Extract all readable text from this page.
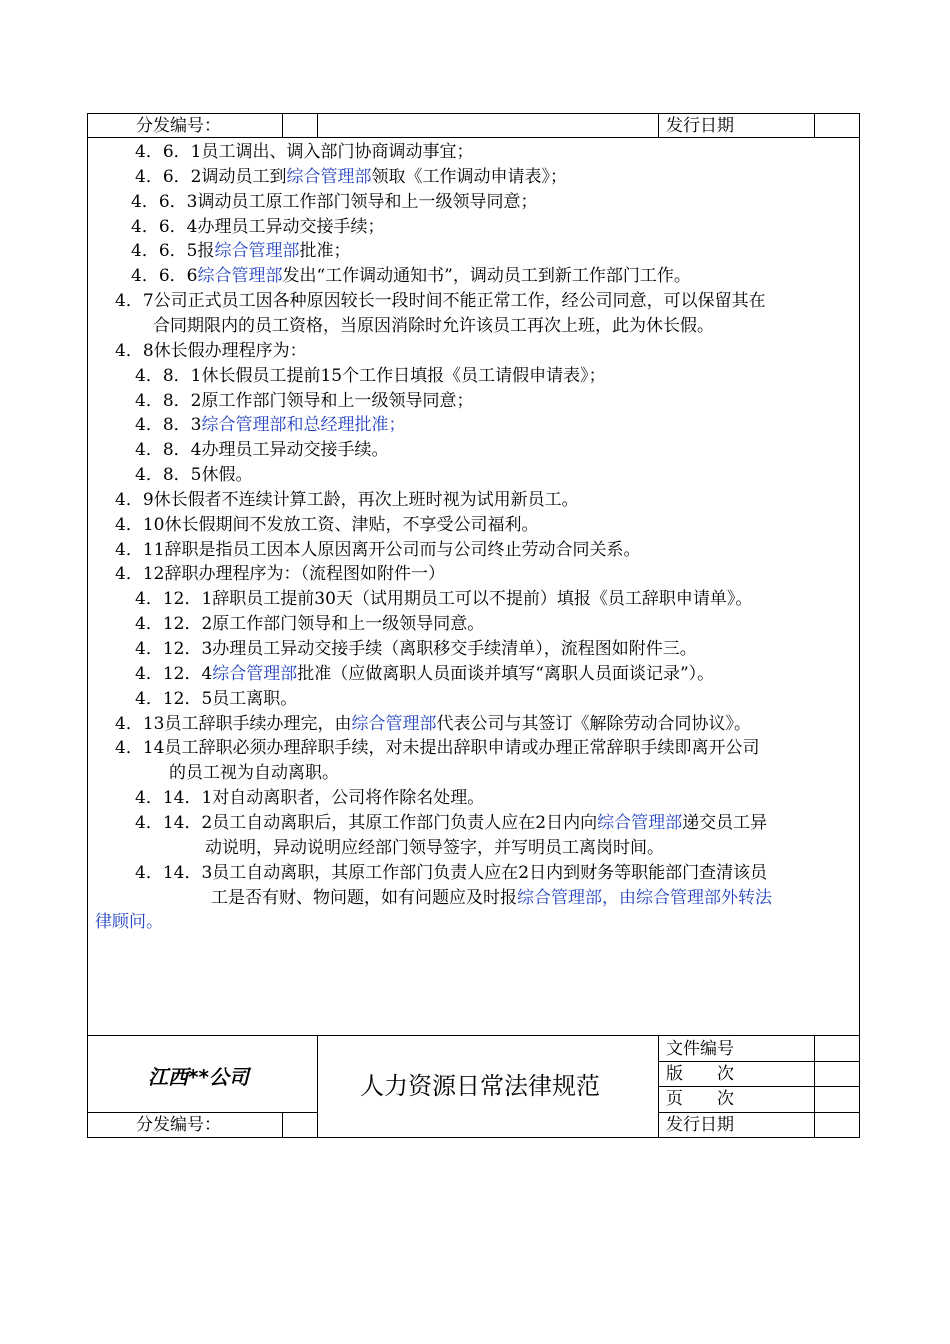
分发编号：	发行日期
4．6．1员工调出、调入部门协商调动事宜；
4．6．2调动员工到综合管理部领取《工作调动申请表》；
4．6．3调动员工原工作部门领导和上一级领导同意；
4．6．4办理员工异动交接手续；
4．6．5报综合管理部批准；
4．6．6综合管理部发出“工作调动通知书”，调动员工到新工作部门工作。
4．7公司正式员工因各种原因较长一段时间不能正常工作，经公司同意，可以保留其在
合同期限内的员工资格，当原因消除时允许该员工再次上班，此为休长假。
4．8休长假办理程序为：
4．8．1休长假员工提前15个工作日填报《员工请假申请表》；
4．8．2原工作部门领导和上一级领导同意；
4．8．3综合管理部和总经理批准；
4．8．4办理员工异动交接手续。
4．8．5休假。
4．9休长假者不连续计算工龄，再次上班时视为试用新员工。
4．10休长假期间不发放工资、津贴，不享受公司福利。
4．11辞职是指员工因本人原因离开公司而与公司终止劳动合同关系。
4．12辞职办理程序为：（流程图如附件一）
4．12．1辞职员工提前30天（试用期员工可以不提前）填报《员工辞职申请单》。
4．12．2原工作部门领导和上一级领导同意。
4．12．3办理员工异动交接手续（离职移交手续清单），流程图如附件三。
4．12．4综合管理部批准（应做离职人员面谈并填写“离职人员面谈记录”）。
4．12．5员工离职。
4．13员工辞职手续办理完，由综合管理部代表公司与其签订《解除劳动合同协议》。
4．14员工辞职必须办理辞职手续，对未提出辞职申请或办理正常辞职手续即离开公司
的员工视为自动离职。
4．14．1对自动离职者，公司将作除名处理。
4．14．2员工自动离职后，其原工作部门负责人应在2日内向综合管理部递交员工异
动说明，异动说明应经部门领导签字，并写明员工离岗时间。
4．14．3员工自动离职，其原工作部门负责人应在2日内到财务等职能部门查清该员
工是否有财、物问题，如有问题应及时报综合管理部，由综合管理部外转法
律顾问。
江西**公司	人力资源日常法律规范
文件编号
版　　次
页　　次
分发编号：	发行日期
